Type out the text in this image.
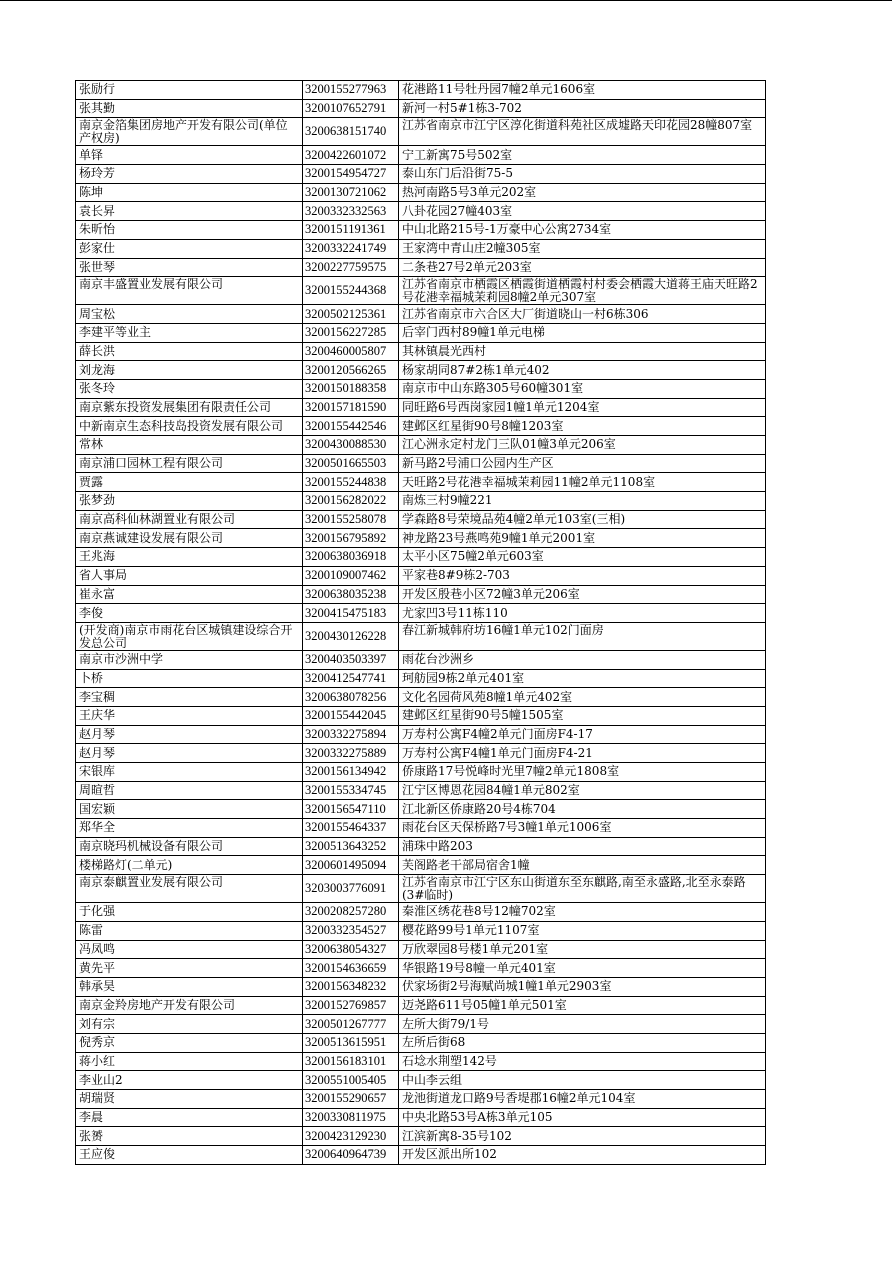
张励行	3200155277963	花港路11号牡丹园7幢2单元1606室
张其勤	3200107652791	新河一村5#1栋3-702
南京金箔集团房地产开发有限公司(单位产权房)	3200638151740	江苏省南京市江宁区淳化街道科苑社区成墟路天印花园28幢807室
单铎	3200422601072	宁工新寓75号502室
杨玲芳	3200154954727	泰山东门后沿街75-5
陈坤	3200130721062	热河南路5号3单元202室
袁长昇	3200332332563	八卦花园27幢403室
朱昕怡	3200151191361	中山北路215号-1万豪中心公寓2734室
彭家仕	3200332241749	王家湾中青山庄2幢305室
张世琴	3200227759575	二条巷27号2单元203室
南京丰盛置业发展有限公司	3200155244368	江苏省南京市栖霞区栖霞街道栖霞村村委会栖霞大道蒋王庙天旺路2号花港幸福城茉莉园8幢2单元307室
周宝松	3200502125361	江苏省南京市六合区大厂街道晓山一村6栋306
李建平等业主	3200156227285	后宰门西村89幢1单元电梯
薛长洪	3200460005807	其林镇晨光西村
刘龙海	3200120566265	杨家胡同87#2栋1单元402
张冬玲	3200150188358	南京市中山东路305号60幢301室
南京紫东投资发展集团有限责任公司	3200157181590	同旺路6号西岗家园1幢1单元1204室
中新南京生态科技岛投资发展有限公司	3200155442546	建邺区红星街90号8幢1203室
常林	3200430088530	江心洲永定村龙门三队01幢3单元206室
南京浦口园林工程有限公司	3200501665503	新马路2号浦口公园内生产区
贾露	3200155244838	天旺路2号花港幸福城茉莉园11幢2单元1108室
张梦劲	3200156282022	南炼三村9幢221
南京高科仙林湖置业有限公司	3200155258078	学森路8号荣境品苑4幢2单元103室(三相)
南京燕诚建设发展有限公司	3200156795892	神龙路23号燕鸣苑9幢1单元2001室
王兆海	3200638036918	太平小区75幢2单元603室
省人事局	3200109007462	平家巷8#9栋2-703
崔永富	3200638035238	开发区殷巷小区72幢3单元206室
李俊	3200415475183	尤家凹3号11栋110
(开发商)南京市雨花台区城镇建设综合开发总公司	3200430126228	春江新城韩府坊16幢1单元102门面房
南京市沙洲中学	3200403503397	雨花台沙洲乡
卜桥	3200412547741	珂舫园9栋2单元401室
李宝稠	3200638078256	文化名园荷风苑8幢1单元402室
王庆华	3200155442045	建邺区红星街90号5幢1505室
赵月琴	3200332275894	万寿村公寓F4幢2单元门面房F4-17
赵月琴	3200332275889	万寿村公寓F4幢1单元门面房F4-21
宋银库	3200156134942	侨康路17号悦峰时光里7幢2单元1808室
周暄哲	3200155334745	江宁区博恩花园84幢1单元802室
国宏颖	3200156547110	江北新区侨康路20号4栋704
郑华全	3200155464337	雨花台区天保桥路7号3幢1单元1006室
南京晓玛机械设备有限公司	3200513643252	浦珠中路203
楼梯路灯(二单元)	3200601495094	芙阁路老干部局宿舍1幢
南京泰麒置业发展有限公司	3203003776091	江苏省南京市江宁区东山街道东至东麒路,南至永盛路,北至永泰路(3#临时)
于化强	3200208257280	秦淮区绣花巷8号12幢702室
陈雷	3200332354527	樱花路99号1单元1107室
冯凤鸣	3200638054327	万欣翠园8号楼1单元201室
黄先平	3200154636659	华银路19号8幢一单元401室
韩承昊	3200156348232	伏家场街2号海赋尚城1幢1单元2903室
南京金羚房地产开发有限公司	3200152769857	迈尧路611号05幢1单元501室
刘有宗	3200501267777	左所大街79/1号
倪秀京	3200513615951	左所后街68
蒋小红	3200156183101	石埝水荆塑142号
李业山2	3200551005405	中山李云组
胡瑞贤	3200155290657	龙池街道龙口路9号香堤郡16幢2单元104室
李晨	3200330811975	中央北路53号A栋3单元105
张赟	3200423129230	江滨新寓8-35号102
王应俊	3200640964739	开发区派出所102
